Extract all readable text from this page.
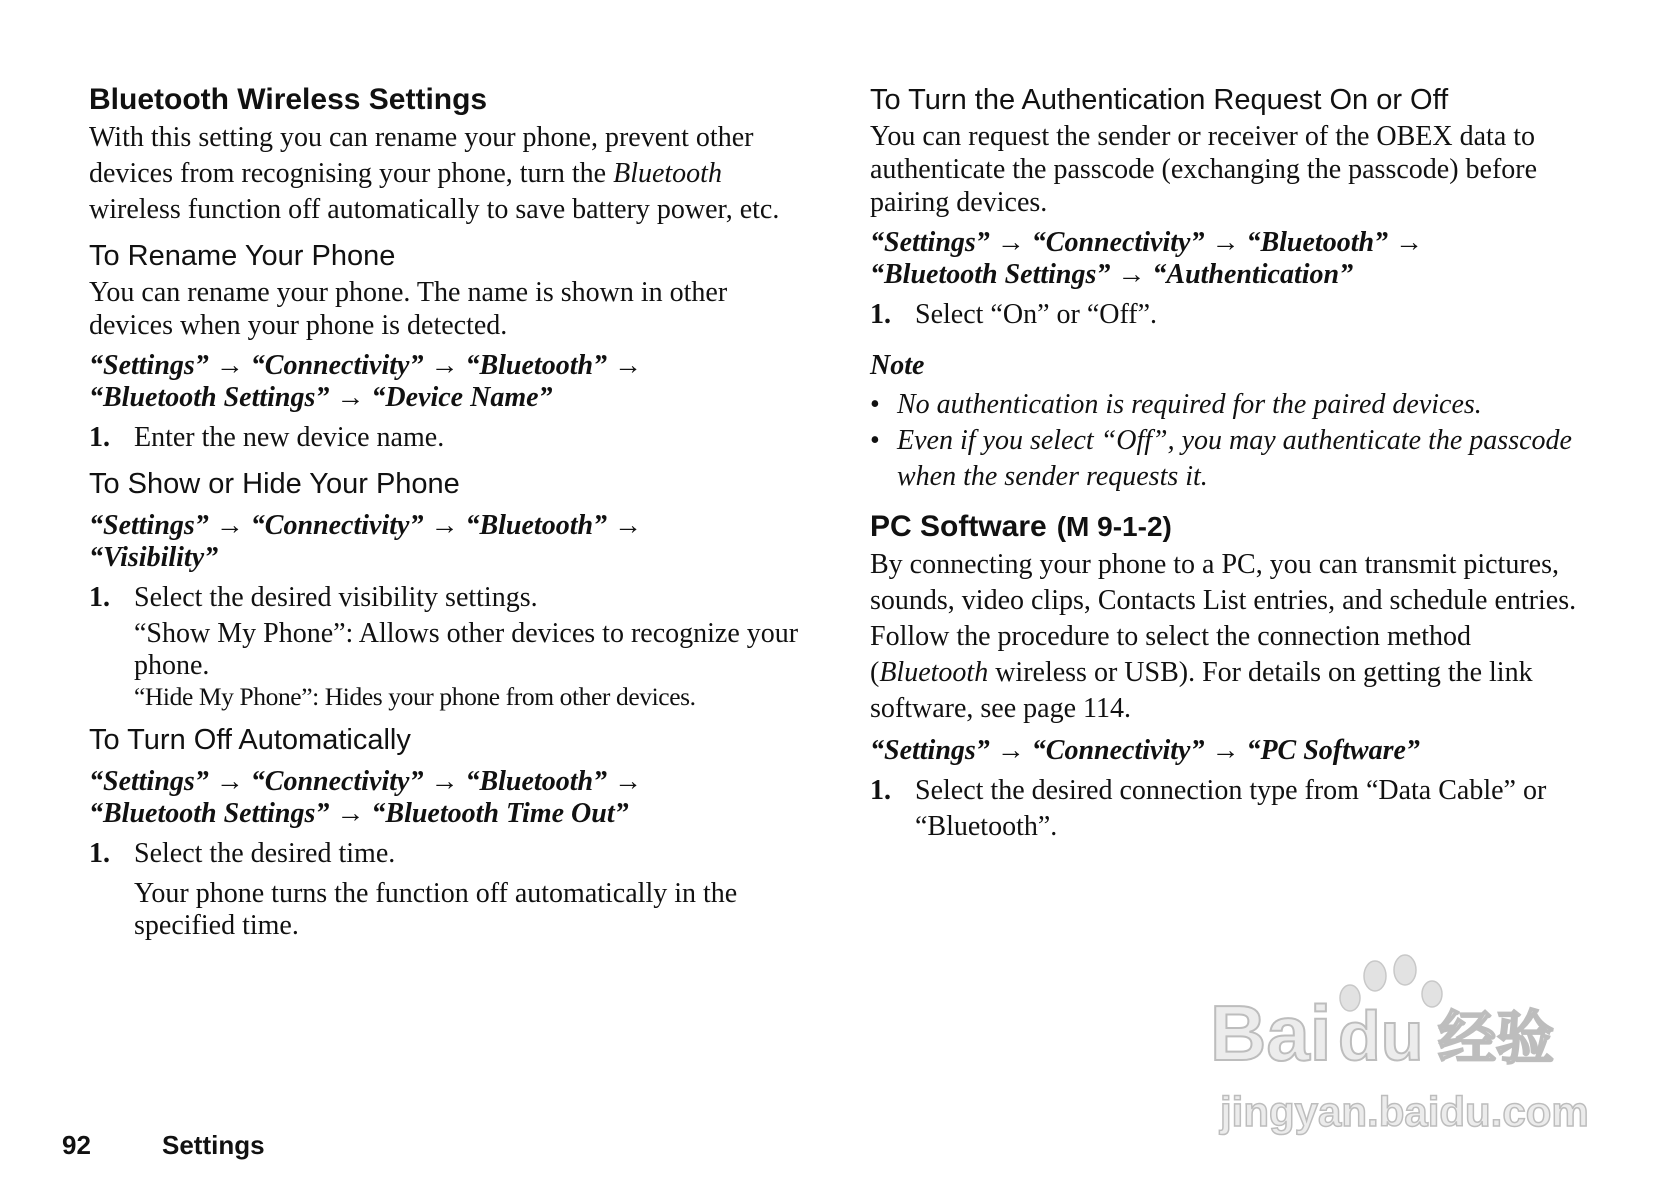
Bluetooth Wireless Settings

With this setting you can rename your phone, prevent other devices from recognising your phone, turn the Bluetooth wireless function off automatically to save battery power, etc.

To Rename Your Phone

You can rename your phone. The name is shown in other devices when your phone is detected.

“Settings” → “Connectivity” → “Bluetooth” →
“Bluetooth Settings” → “Device Name”
1. Enter the new device name.
To Show or Hide Your Phone
“Settings” → “Connectivity” → “Bluetooth” →
“Visibility”
1. Select the desired visibility settings.
“Show My Phone”: Allows other devices to recognize your phone.
“Hide My Phone”: Hides your phone from other devices.
To Turn Off Automatically
“Settings” → “Connectivity” → “Bluetooth” →
“Bluetooth Settings” → “Bluetooth Time Out”
1. Select the desired time.
Your phone turns the function off automatically in the specified time.
To Turn the Authentication Request On or Off

You can request the sender or receiver of the OBEX data to authenticate the passcode (exchanging the passcode) before pairing devices.

“Settings” → “Connectivity” → “Bluetooth” →
“Bluetooth Settings” → “Authentication”
1. Select “On” or “Off”.
Note
• No authentication is required for the paired devices.
• Even if you select “Off”, you may authenticate the passcode when the sender requests it.
PC Software (M 9-1-2)

By connecting your phone to a PC, you can transmit pictures, sounds, video clips, Contacts List entries, and schedule entries. Follow the procedure to select the connection method (Bluetooth wireless or USB). For details on getting the link software, see page 114.

“Settings” → “Connectivity” → “PC Software”
1. Select the desired connection type from “Data Cable” or “Bluetooth”.
92	Settings
Bai du 经验
jingyan.baidu.com
